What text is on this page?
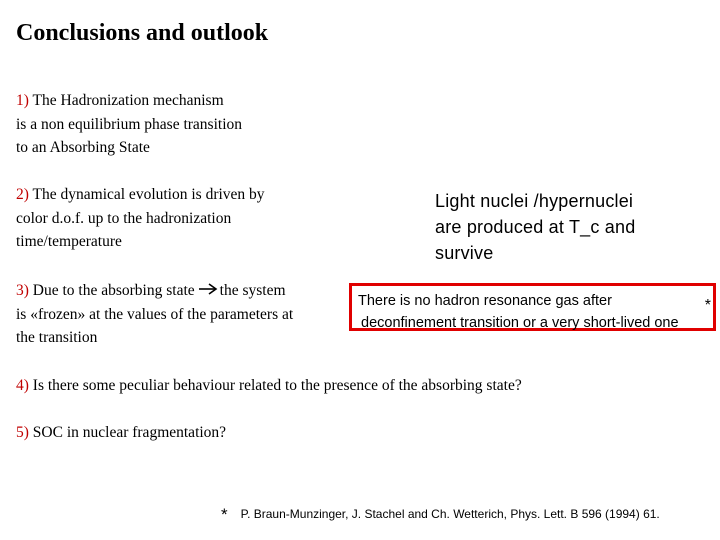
Conclusions and outlook
1) The Hadronization mechanism
is a non equilibrium phase transition
to an Absorbing State
2) The dynamical evolution is driven by
color d.o.f. up to the hadronization
time/temperature
3) Due to the absorbing state the system
is «frozen» at the values of the parameters at
the transition
4) Is there some peculiar behaviour related to the presence of the absorbing state?
5) SOC in nuclear fragmentation?
Light nuclei /hypernuclei
are produced at T_c and
survive
There is no hadron resonance gas after	*
deconfinement transition or a very short-lived one
* P. Braun-Munzinger, J. Stachel and Ch. Wetterich, Phys. Lett. B 596 (1994) 61.
